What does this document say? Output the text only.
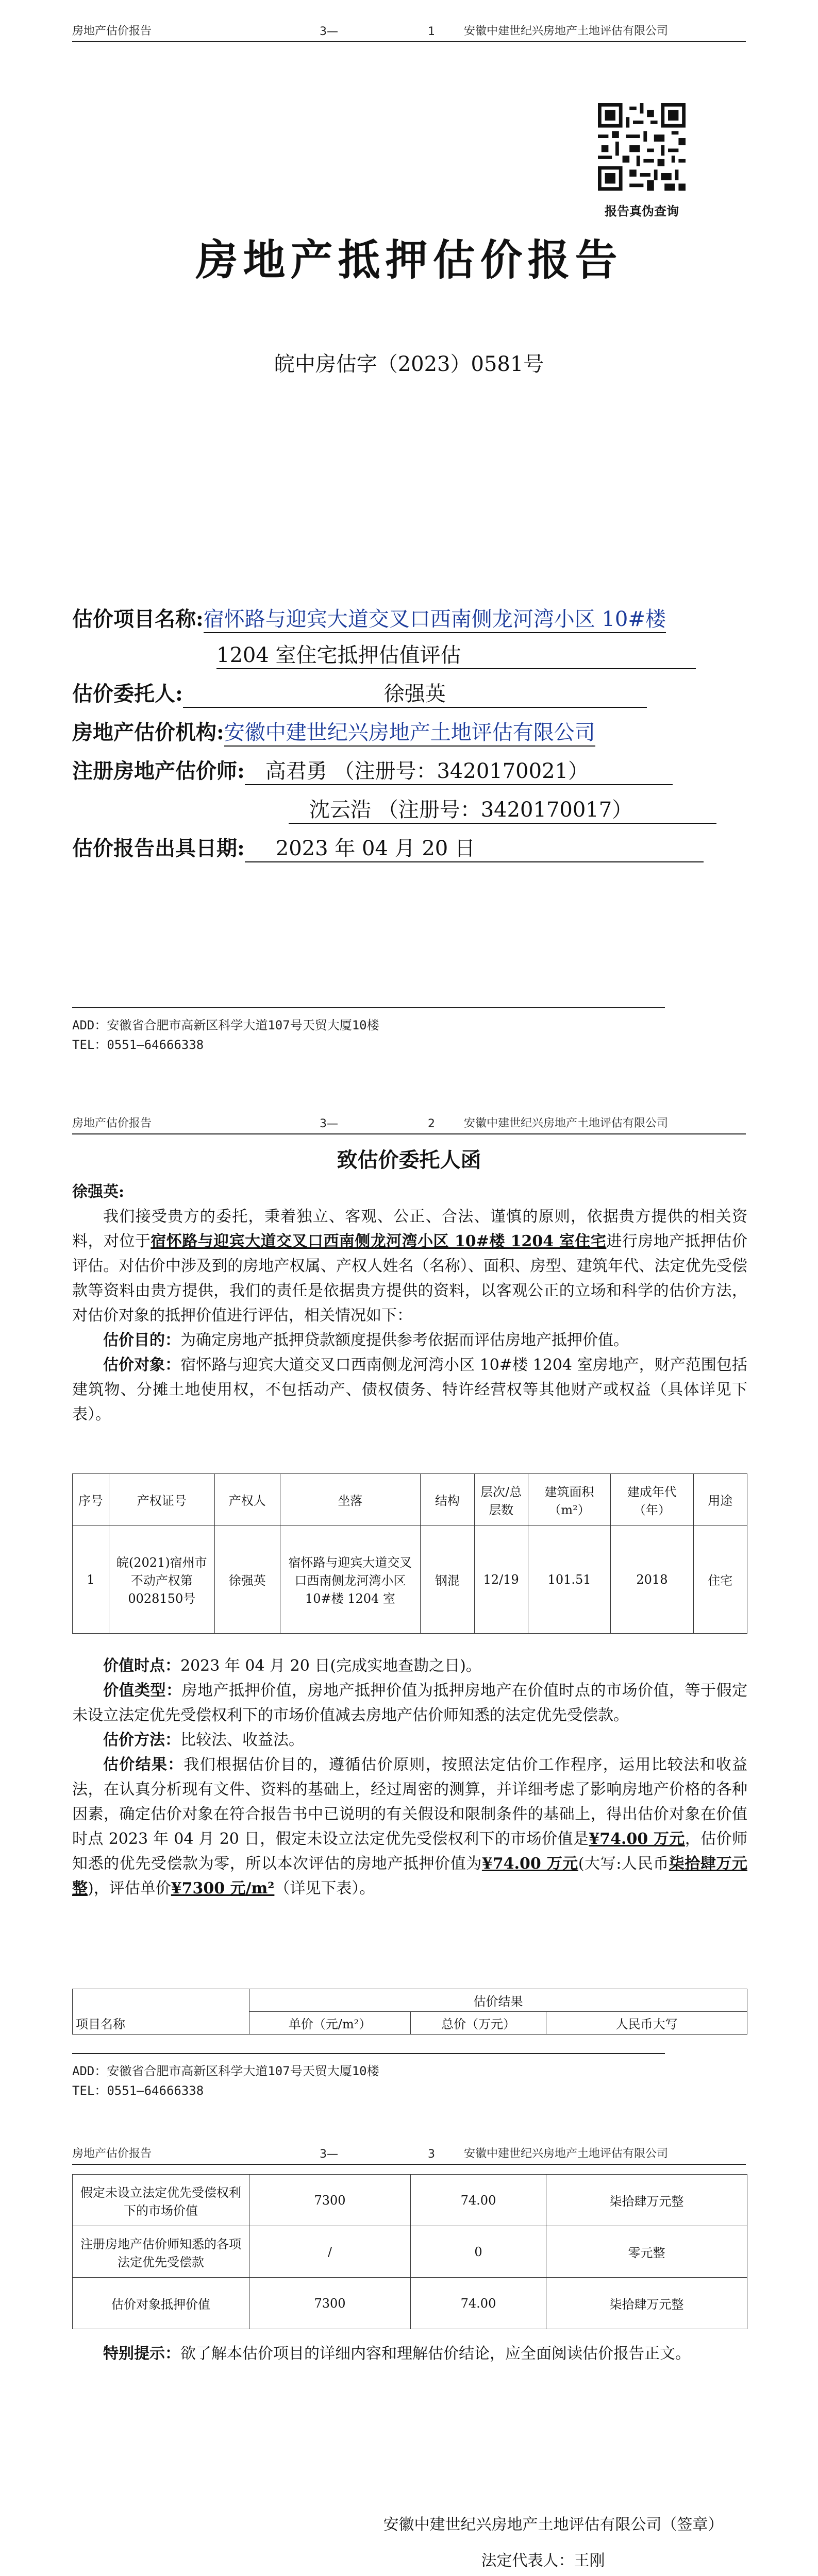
房地产估价报告	3—	1	安徽中建世纪兴房地产土地评估有限公司
报告真伪查询
房地产抵押估价报告
皖中房估字（2023）0581号
估价项目名称:宿怀路与迎宾大道交叉口西南侧龙河湾小区 10#楼
1204 室住宅抵押估值评估
估价委托人:	徐强英
房地产估价机构:安徽中建世纪兴房地产土地评估有限公司
注册房地产估价师: 高君勇 （注册号：3420170021）
沈云浩 （注册号：3420170017）
估价报告出具日期: 2023 年 04 月 20 日
ADD：安徽省合肥市高新区科学大道107号天贸大厦10楼
TEL：0551—64666338
房地产估价报告	3—	2	安徽中建世纪兴房地产土地评估有限公司
致估价委托人函

徐强英:

我们接受贵方的委托，秉着独立、客观、公正、合法、谨慎的原则，依据贵方提供的相关资料，对位于宿怀路与迎宾大道交叉口西南侧龙河湾小区 10#楼 1204 室住宅进行房地产抵押估价评估。对估价中涉及到的房地产权属、产权人姓名（名称）、面积、房型、建筑年代、法定优先受偿款等资料由贵方提供，我们的责任是依据贵方提供的资料，以客观公正的立场和科学的估价方法，对估价对象的抵押价值进行评估，相关情况如下：

估价目的：为确定房地产抵押贷款额度提供参考依据而评估房地产抵押价值。

估价对象：宿怀路与迎宾大道交叉口西南侧龙河湾小区 10#楼 1204 室房地产，财产范围包括建筑物、分摊土地使用权，不包括动产、债权债务、特许经营权等其他财产或权益（具体详见下表）。

序号	产权证号	产权人	坐落	结构	层次/总层数	建筑面积（m²）	建成年代（年）	用途
1	皖(2021)宿州市不动产权第0028150号	徐强英	宿怀路与迎宾大道交叉口西南侧龙河湾小区 10#楼 1204 室	钢混	12/19	101.51	2018	住宅

价值时点：2023 年 04 月 20 日(完成实地查勘之日)。

价值类型：房地产抵押价值，房地产抵押价值为抵押房地产在价值时点的市场价值，等于假定未设立法定优先受偿权利下的市场价值减去房地产估价师知悉的法定优先受偿款。

估价方法：比较法、收益法。

估价结果：我们根据估价目的，遵循估价原则，按照法定估价工作程序，运用比较法和收益法，在认真分析现有文件、资料的基础上，经过周密的测算，并详细考虑了影响房地产价格的各种因素，确定估价对象在符合报告书中已说明的有关假设和限制条件的基础上，得出估价对象在价值时点 2023 年 04 月 20 日，假定未设立法定优先受偿权利下的市场价值是¥74.00 万元，估价师知悉的优先受偿款为零，所以本次评估的房地产抵押价值为¥74.00 万元(大写:人民币柒拾肆万元整)，评估单价¥7300 元/m²（详见下表）。

	估价结果		
项目名称	单价（元/m²）	总价（万元）	人民币大写
ADD：安徽省合肥市高新区科学大道107号天贸大厦10楼
TEL：0551—64666338
房地产估价报告	3—	3	安徽中建世纪兴房地产土地评估有限公司
假定未设立法定优先受偿权利下的市场价值	7300	74.00	柒拾肆万元整
注册房地产估价师知悉的各项法定优先受偿款	/	0	零元整
估价对象抵押价值	7300	74.00	柒拾肆万元整

特别提示：欲了解本估价项目的详细内容和理解估价结论，应全面阅读估价报告正文。

安徽中建世纪兴房地产土地评估有限公司（签章）
法定代表人：王刚
